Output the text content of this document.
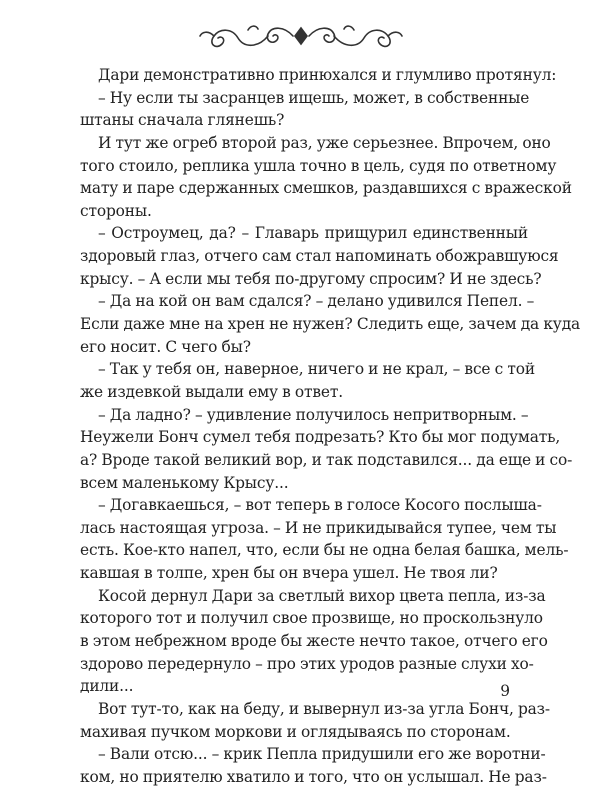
Дари демонстративно принюхался и глумливо протянул:
– Ну если ты засранцев ищешь, может, в собственные
штаны сначала глянешь?
И тут же огреб второй раз, уже серьезнее. Впрочем, оно
того стоило, реплика ушла точно в цель, судя по ответному
мату и паре сдержанных смешков, раздавшихся с вражеской
стороны.
– Остроумец, да? – Главарь прищурил единственный
здоровый глаз, отчего сам стал напоминать обожравшуюся
крысу. – А если мы тебя по-другому спросим? И не здесь?
– Да на кой он вам сдался? – делано удивился Пепел. –
Если даже мне на хрен не нужен? Следить еще, зачем да куда
его носит. С чего бы?
– Так у тебя он, наверное, ничего и не крал, – все с той
же издевкой выдали ему в ответ.
– Да ладно? – удивление получилось непритворным. –
Неужели Бонч сумел тебя подрезать? Кто бы мог подумать,
а? Вроде такой великий вор, и так подставился... да еще и со-
всем маленькому Крысу...
– Догавкаешься, – вот теперь в голосе Косого послыша-
лась настоящая угроза. – И не прикидывайся тупее, чем ты
есть. Кое-кто напел, что, если бы не одна белая башка, мель-
кавшая в толпе, хрен бы он вчера ушел. Не твоя ли?
Косой дернул Дари за светлый вихор цвета пепла, из-за
которого тот и получил свое прозвище, но проскользнуло
в этом небрежном вроде бы жесте нечто такое, отчего его
здорово передернуло – про этих уродов разные слухи хо-
дили...
Вот тут-то, как на беду, и вывернул из-за угла Бонч, раз-
махивая пучком моркови и оглядываясь по сторонам.
– Вали отсю... – крик Пепла придушили его же воротни-
ком, но приятелю хватило и того, что он услышал. Не раз-
9
